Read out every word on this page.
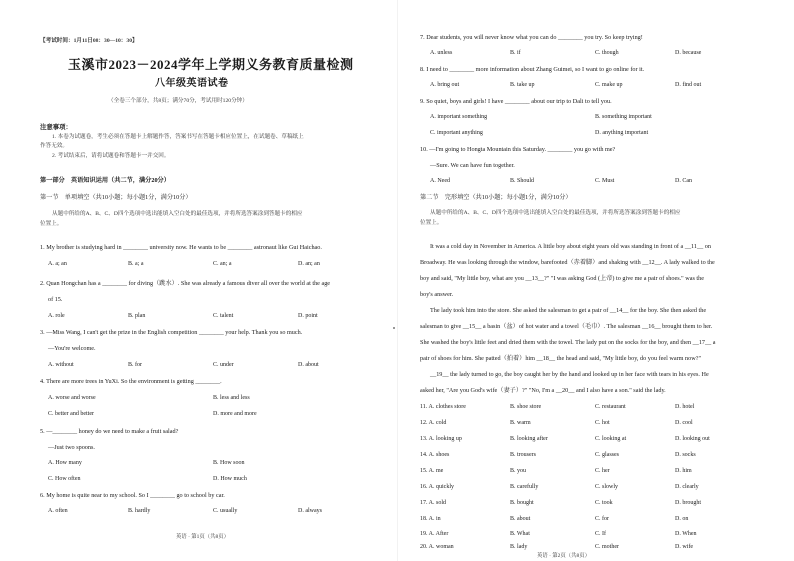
【考试时间：1月11日08：30—10：30】
玉溪市2023－2024学年上学期义务教育质量检测
八年级英语试卷
（全卷三个部分，共8页；满分70分，考试用时120分钟）
注意事项：
1. 本卷为试题卷，考生必须在答题卡上解题作答，答案书写在答题卡相应位置上，在试题卷、草稿纸上
作答无效。
2. 考试结束后，请将试题卷和答题卡一并交回。
第一部分　英语知识运用（共二节，满分20分）
第一节　单项填空（共10小题；每小题1分，满分10分）
从题中所给的A、B、C、D四个选项中选出能填入空白处的最佳选项，并将所选答案涂到答题卡的相应
位置上。
1. My brother is studying hard in ________ university now. He wants to be ________ astronaut like Gui Haichao.
A. a; an	B. a; a	C. an; a	D. an; an
2. Quan Hongchan has a ________ for diving（跳水）. She was already a famous diver all over the world at the age
of 15.
A. role	B. plan	C. talent	D. point
3. —Miss Wang, I can't get the prize in the English competition ________ your help. Thank you so much.
—You're welcome.
A. without	B. for	C. under	D. about
4. There are more trees in YuXi. So the environment is getting ________.
A. worse and worse	B. less and less
C. better and better	D. more and more
5. —________ honey do we need to make a fruit salad?
—Just two spoons.
A. How many	B. How soon
C. How often	D. How much
6. My home is quite near to my school. So I ________ go to school by car.
A. often	B. hardly	C. usually	D. always
英语 · 第1页（共8页）
7. Dear students, you will never know what you can do ________ you try. So keep trying!
A. unless	B. if	C. though	D. because
8. I need to ________ more information about Zhang Guimei, so I want to go online for it.
A. bring out	B. take up	C. make up	D. find out
9. So quiet, boys and girls! I have ________ about our trip to Dali to tell you.
A. important something	B. something important
C. important anything	D. anything important
10. —I'm going to Hongta Mountain this Saturday. ________ you go with me?
—Sure. We can have fun together.
A. Need	B. Should	C. Must	D. Can
第二节　完形填空（共10小题；每小题1分，满分10分）
从题中所给的A、B、C、D四个选项中选出能填入空白处的最佳选项，并将所选答案涂到答题卡的相应
位置上。
It was a cold day in November in America. A little boy about eight years old was standing in front of a __11__ on
Broadway. He was looking through the window, barefooted（赤着脚）and shaking with __12__. A lady walked to the
boy and said, "My little boy, what are you __13__?" "I was asking God (上帝) to give me a pair of shoes." was the
boy's answer.
The lady took him into the store. She asked the salesman to get a pair of __14__ for the boy. She then asked the
salesman to give __15__ a basin（盆）of hot water and a towel（毛巾）. The salesman __16__ brought them to her.
She washed the boy's little feet and dried them with the towel. The lady put on the socks for the boy, and then __17__ a
pair of shoes for him. She patted（拍着）him __18__ the head and said, "My little boy, do you feel warm now?"
__19__ the lady turned to go, the boy caught her by the hand and looked up in her face with tears in his eyes. He
asked her, "Are you God's wife（妻子）?" "No, I'm a __20__ and I also have a son." said the lady.
11. A. clothes store	B. shoe store	C. restaurant	D. hotel
12. A. cold	B. warm	C. hot	D. cool
13. A. looking up	B. looking after	C. looking at	D. looking out
14. A. shoes	B. trousers	C. glasses	D. socks
15. A. me	B. you	C. her	D. him
16. A. quickly	B. carefully	C. slowly	D. clearly
17. A. sold	B. bought	C. took	D. brought
18. A. in	B. about	C. for	D. on
19. A. After	B. What	C. If	D. When
20. A. woman	B. lady	C. mother	D. wife
英语 · 第2页（共8页）
